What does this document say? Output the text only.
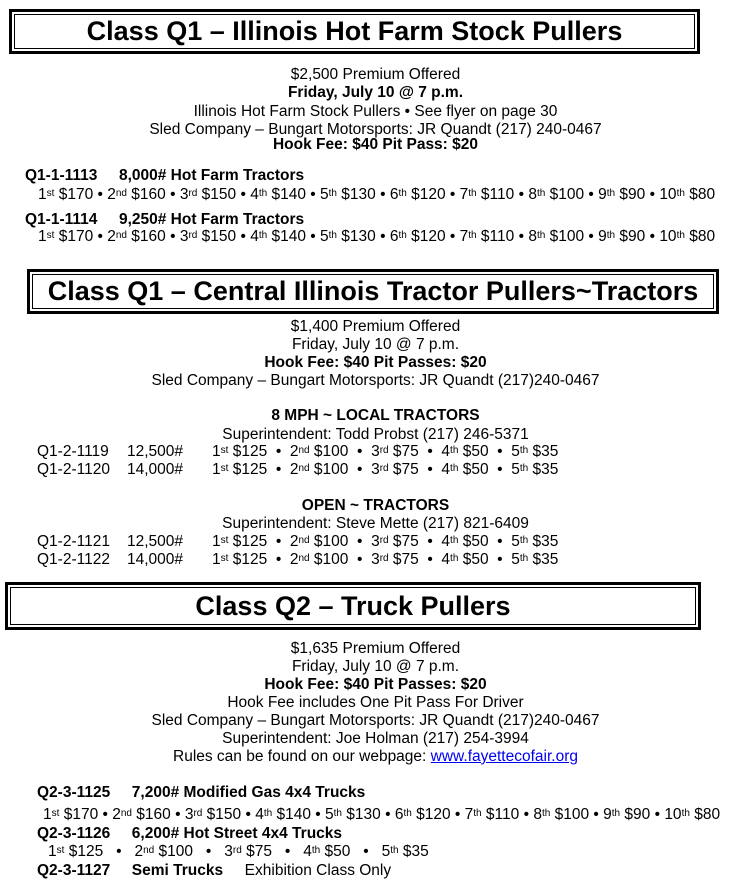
Class Q1 – Illinois Hot Farm Stock Pullers
$2,500 Premium Offered
Friday, July 10 @ 7 p.m.
Illinois Hot Farm Stock Pullers • See flyer on page 30
Sled Company – Bungart Motorsports: JR Quandt (217) 240-0467
Hook Fee: $40 Pit Pass: $20
Q1-1-1113 8,000# Hot Farm Tractors
1st $170 • 2nd $160 • 3rd $150 • 4th $140 • 5th $130 • 6th $120 • 7th $110 • 8th $100 • 9th $90 • 10th $80
Q1-1-1114 9,250# Hot Farm Tractors
1st $170 • 2nd $160 • 3rd $150 • 4th $140 • 5th $130 • 6th $120 • 7th $110 • 8th $100 • 9th $90 • 10th $80
Class Q1 – Central Illinois Tractor Pullers~Tractors
$1,400 Premium Offered
Friday, July 10 @ 7 p.m.
Hook Fee: $40 Pit Passes: $20
Sled Company – Bungart Motorsports: JR Quandt (217)240-0467
8 MPH ~ LOCAL TRACTORS
Superintendent: Todd Probst (217) 246-5371
Q1-2-1119 12,500# 1st $125  •  2nd $100  •  3rd $75  •  4th $50  •  5th $35
Q1-2-1120 14,000# 1st $125  •  2nd $100  •  3rd $75  •  4th $50  •  5th $35
OPEN ~ TRACTORS
Superintendent: Steve Mette (217) 821-6409
Q1-2-1121 12,500# 1st $125  •  2nd $100  •  3rd $75  •  4th $50  •  5th $35
Q1-2-1122 14,000# 1st $125  •  2nd $100  •  3rd $75  •  4th $50  •  5th $35
Class Q2 – Truck Pullers
$1,635 Premium Offered
Friday, July 10 @ 7 p.m.
Hook Fee: $40 Pit Passes: $20
Hook Fee includes One Pit Pass For Driver
Sled Company – Bungart Motorsports: JR Quandt (217)240-0467
Superintendent: Joe Holman (217) 254-3994
Rules can be found on our webpage: www.fayettecofair.org
Q2-3-1125 7,200# Modified Gas 4x4 Trucks
1st $170 • 2nd $160 • 3rd $150 • 4th $140 • 5th $130 • 6th $120 • 7th $110 • 8th $100 • 9th $90 • 10th $80
Q2-3-1126 6,200# Hot Street 4x4 Trucks
1st $125   •   2nd $100   •   3rd $75   •   4th $50   •   5th $35
Q2-3-1127 Semi Trucks Exhibition Class Only
